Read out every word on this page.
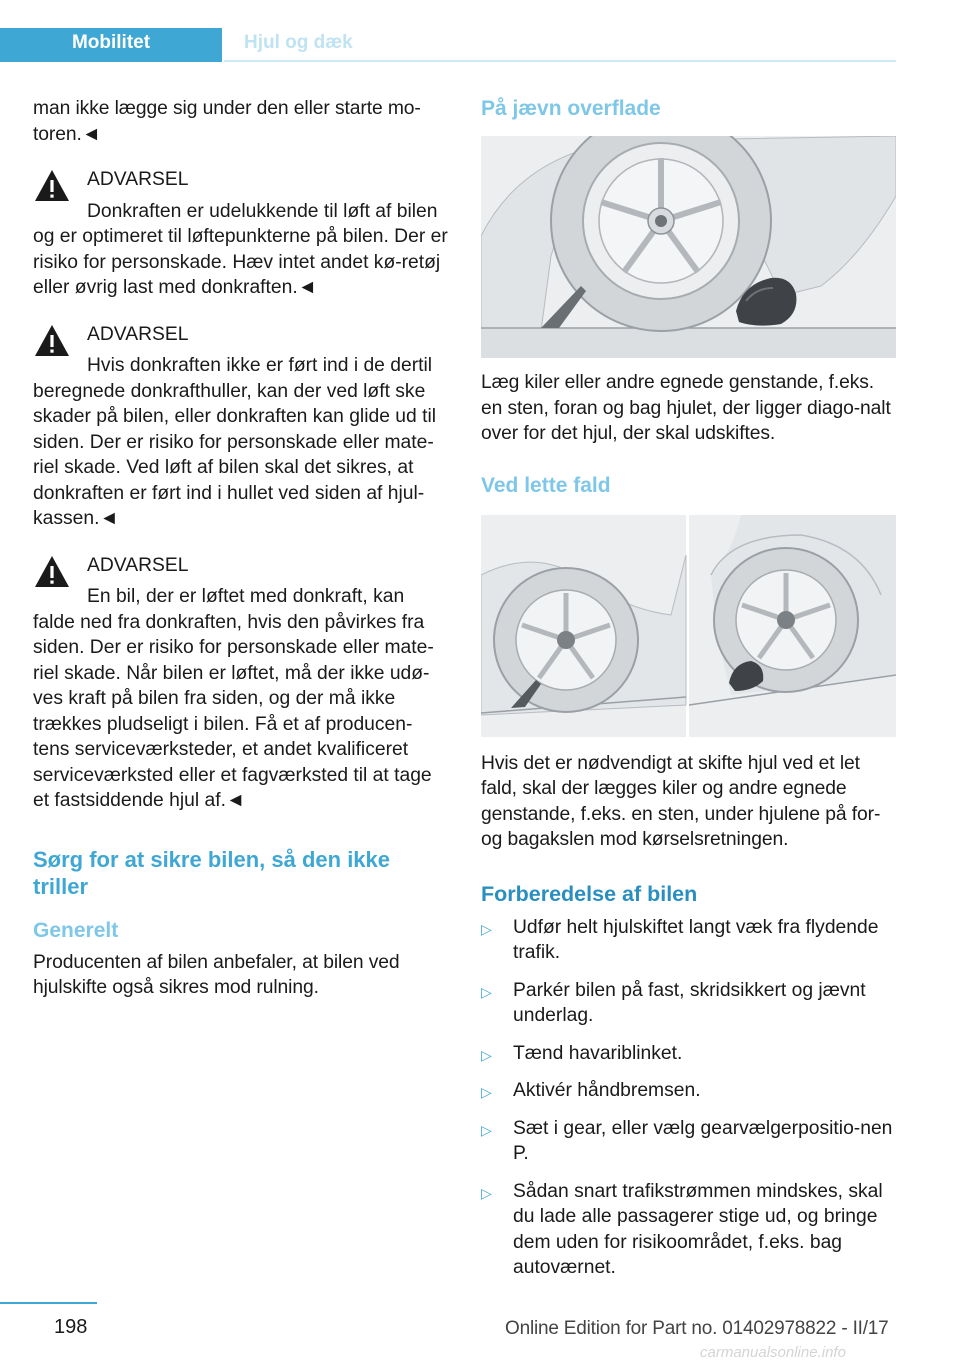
Mobilitet	Hjul og dæk

man ikke lægge sig under den eller starte mo-toren.◄

ADVARSEL

Donkraften er udelukkende til løft af bilen og er optimeret til løftepunkterne på bilen. Der er risiko for personskade. Hæv intet andet kø-retøj eller øvrig last med donkraften.◄

ADVARSEL

Hvis donkraften ikke er ført ind i de dertil beregnede donkrafthuller, kan der ved løft ske skader på bilen, eller donkraften kan glide ud til siden. Der er risiko for personskade eller mate-riel skade. Ved løft af bilen skal det sikres, at donkraften er ført ind i hullet ved siden af hjul-kassen.◄

ADVARSEL

En bil, der er løftet med donkraft, kan falde ned fra donkraften, hvis den påvirkes fra siden. Der er risiko for personskade eller mate-riel skade. Når bilen er løftet, må der ikke udø-ves kraft på bilen fra siden, og der må ikke trækkes pludseligt i bilen. Få et af producen-tens serviceværksteder, et andet kvalificeret serviceværksted eller et fagværksted til at tage et fastsiddende hjul af.◄

Sørg for at sikre bilen, så den ikke triller
Generelt

Producenten af bilen anbefaler, at bilen ved hjulskifte også sikres mod rulning.

På jævn overflade

Læg kiler eller andre egnede genstande, f.eks. en sten, foran og bag hjulet, der ligger diago-nalt over for det hjul, der skal udskiftes.

Ved lette fald

Hvis det er nødvendigt at skifte hjul ved et let fald, skal der lægges kiler og andre egnede genstande, f.eks. en sten, under hjulene på for- og bagakslen mod kørselsretningen.

Forberedelse af bilen
▷ Udfør helt hjulskiftet langt væk fra flydende trafik.
▷ Parkér bilen på fast, skridsikkert og jævnt underlag.
▷ Tænd havariblinket.
▷ Aktivér håndbremsen.
▷ Sæt i gear, eller vælg gearvælgerpositio-nen P.
▷ Sådan snart trafikstrømmen mindskes, skal du lade alle passagerer stige ud, og bringe dem uden for risikoområdet, f.eks. bag autoværnet.
198	Online Edition for Part no. 01402978822 - II/17
carmanualsonline.info
